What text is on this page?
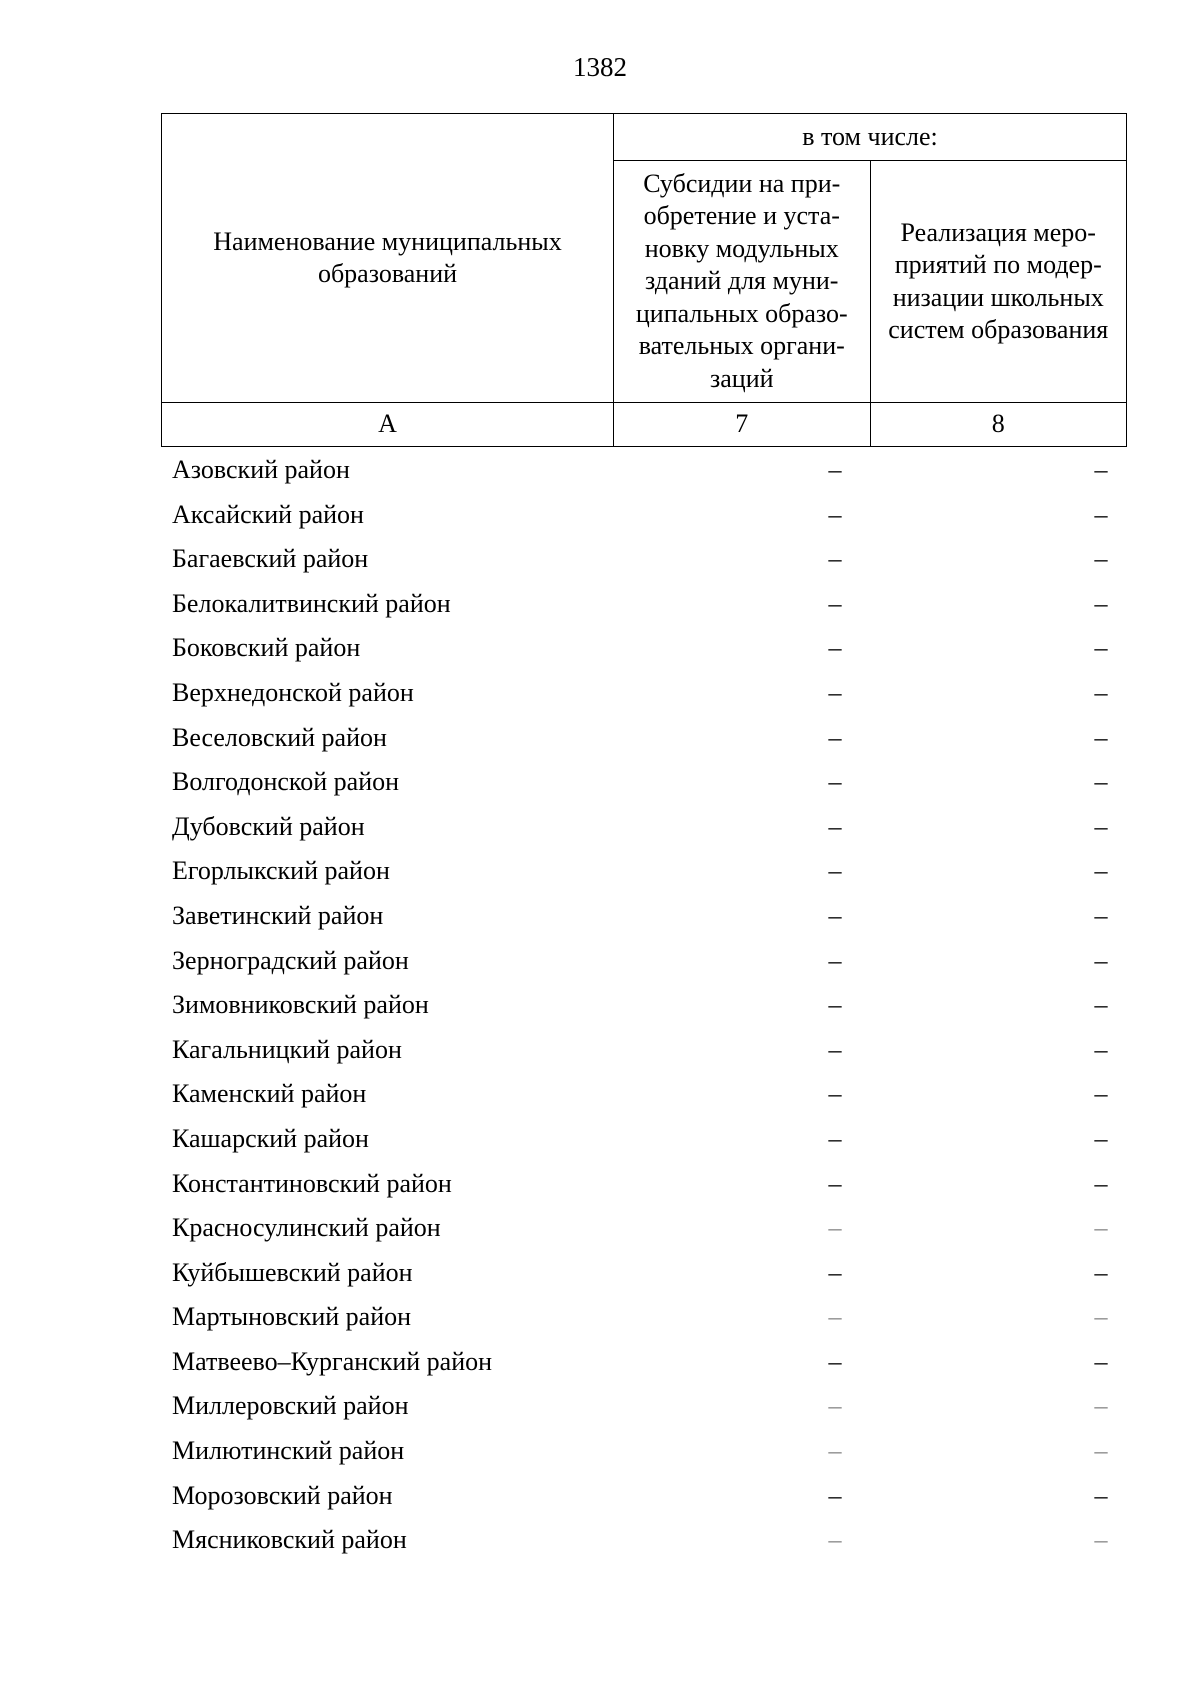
1382
Наименование муниципальных образований	в том числе:	
	Субсидии на при-обретение и уста-новку модульных зданий для муни-ципальных образо-вательных органи-заций	Реализация меро-приятий по модер-низации школьных систем образования
А	7	8
Азовский район	–	–
Аксайский район	–	–
Багаевский район	–	–
Белокалитвинский район	–	–
Боковский район	–	–
Верхнедонской район	–	–
Веселовский район	–	–
Волгодонской район	–	–
Дубовский район	–	–
Егорлыкский район	–	–
Заветинский район	–	–
Зерноградский район	–	–
Зимовниковский район	–	–
Кагальницкий район	–	–
Каменский район	–	–
Кашарский район	–	–
Константиновский район	–	–
Красносулинский район	–	–
Куйбышевский район	–	–
Мартыновский район	–	–
Матвеево–Курганский район	–	–
Миллеровский район	–	–
Милютинский район	–	–
Морозовский район	–	–
Мясниковский район	–	–
